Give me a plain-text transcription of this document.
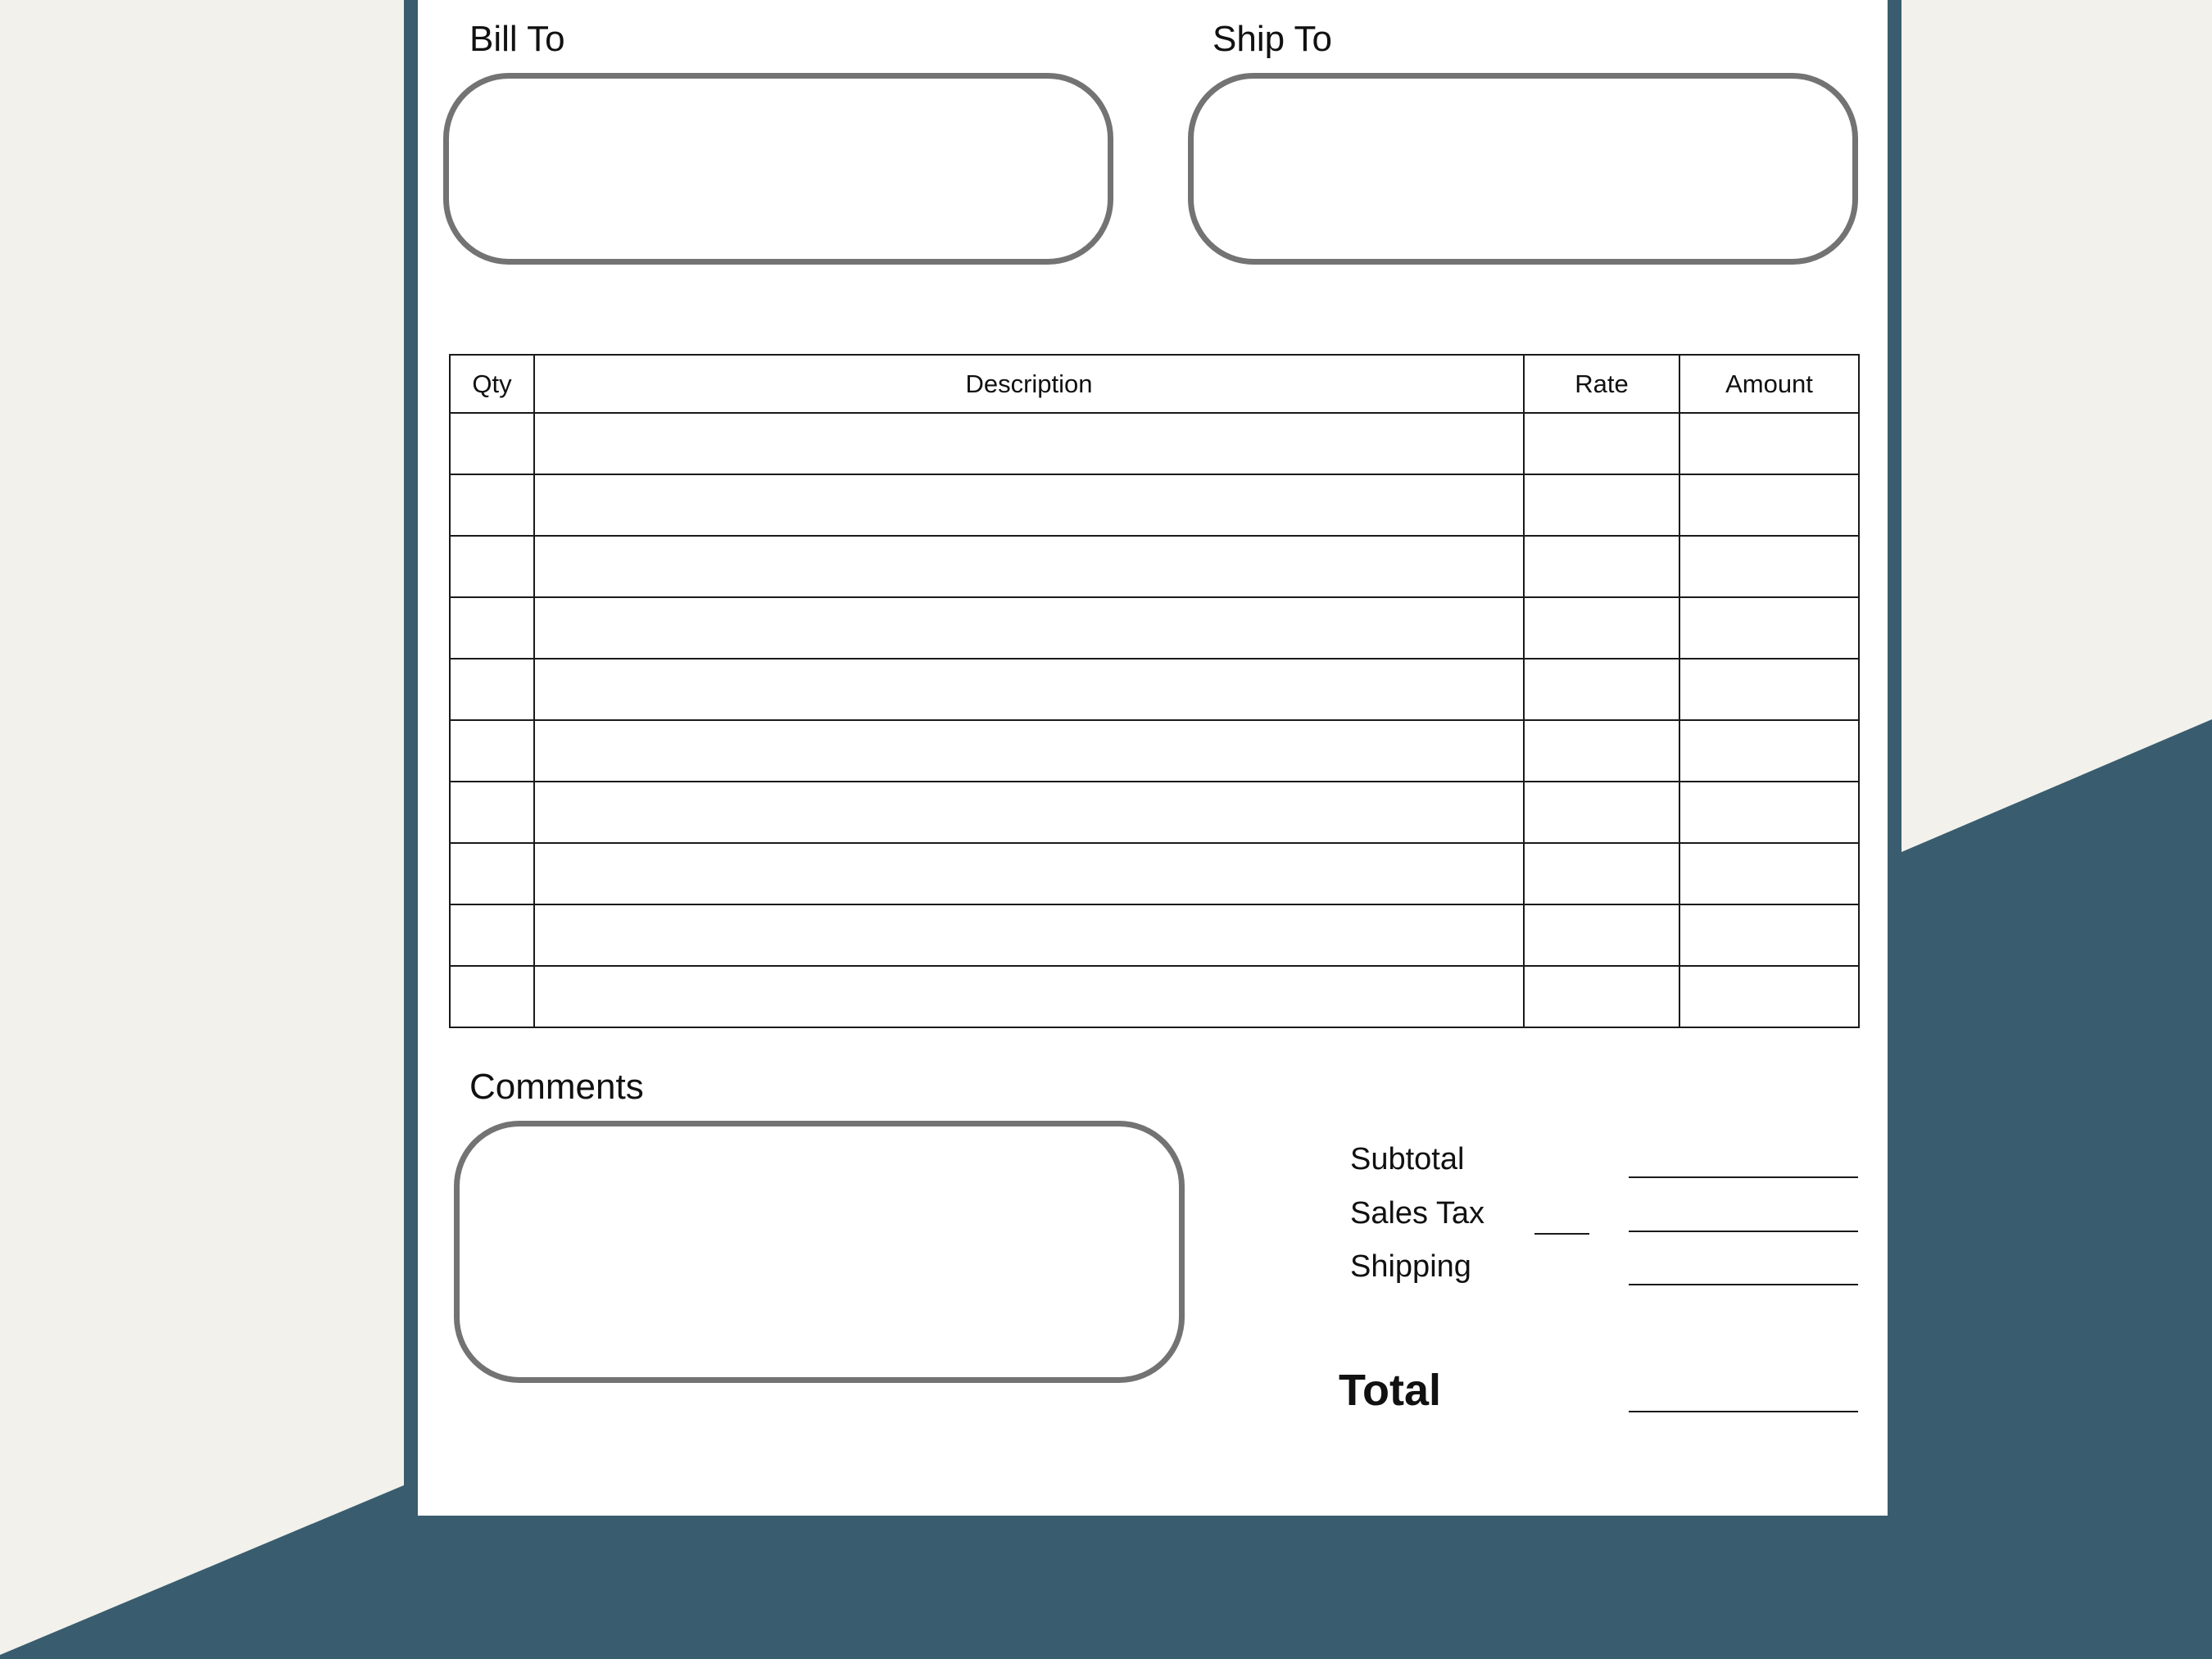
Bill To	Ship To
Qty	Description	Rate	Amount

Comments
Subtotal
Sales Tax
Shipping
Total
